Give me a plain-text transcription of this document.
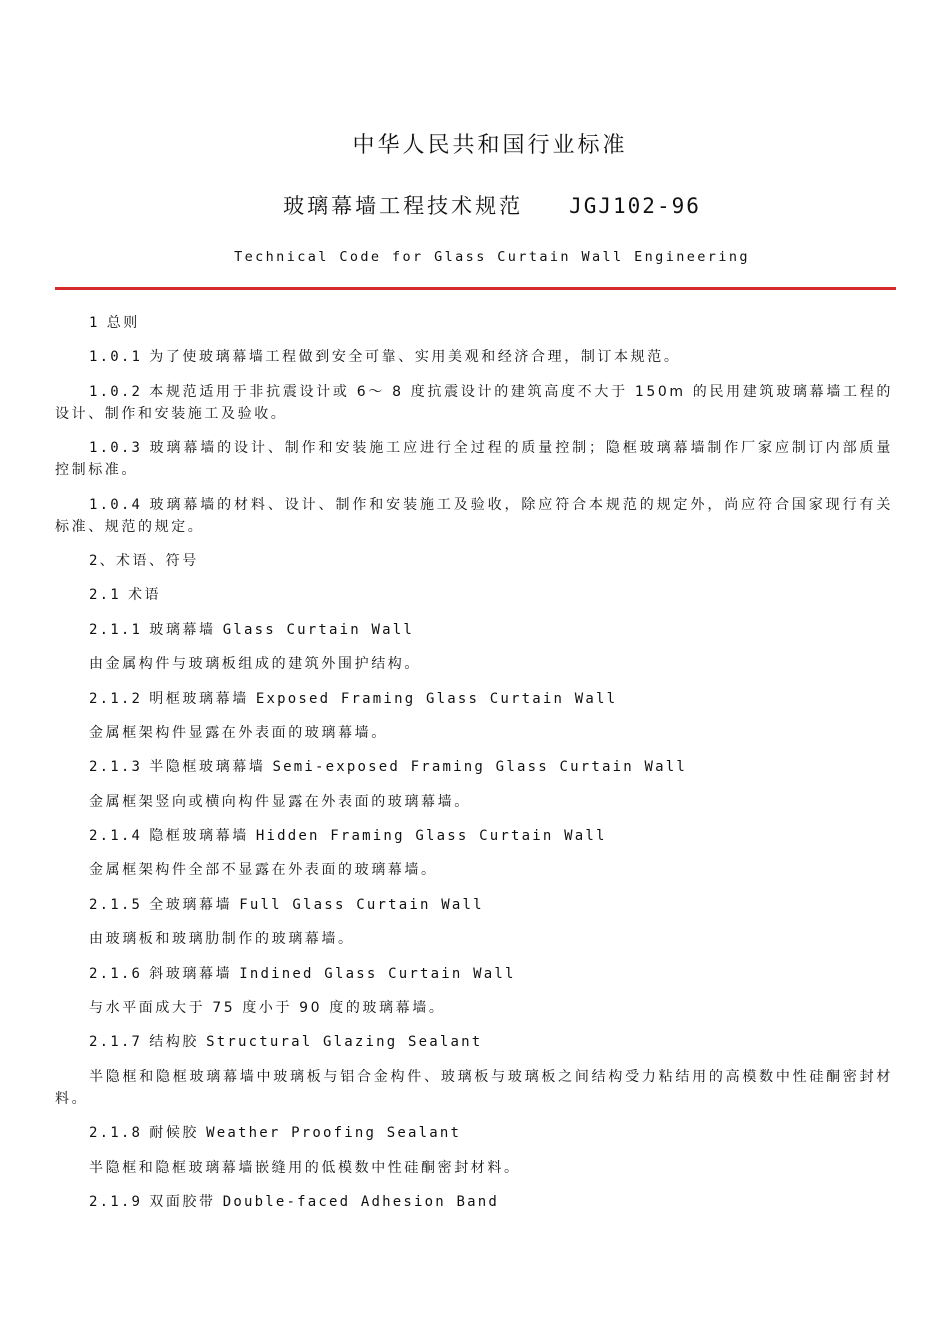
中华人民共和国行业标准
玻璃幕墙工程技术规范 JGJ102-96
Technical Code for Glass Curtain Wall Engineering
1 总则
1.0.1 为了使玻璃幕墙工程做到安全可靠、实用美观和经济合理，制订本规范。
1.0.2 本规范适用于非抗震设计或 6～ 8 度抗震设计的建筑高度不大于 150m 的民用建筑玻璃幕墙工程的设计、制作和安装施工及验收。
1.0.3 玻璃幕墙的设计、制作和安装施工应进行全过程的质量控制；隐框玻璃幕墙制作厂家应制订内部质量控制标准。
1.0.4 玻璃幕墙的材料、设计、制作和安装施工及验收，除应符合本规范的规定外，尚应符合国家现行有关标准、规范的规定。
2、术语、符号
2.1 术语
2.1.1 玻璃幕墙 Glass Curtain Wall
由金属构件与玻璃板组成的建筑外围护结构。
2.1.2 明框玻璃幕墙 Exposed Framing Glass Curtain Wall
金属框架构件显露在外表面的玻璃幕墙。
2.1.3 半隐框玻璃幕墙 Semi-exposed Framing Glass Curtain Wall
金属框架竖向或横向构件显露在外表面的玻璃幕墙。
2.1.4 隐框玻璃幕墙 Hidden Framing Glass Curtain Wall
金属框架构件全部不显露在外表面的玻璃幕墙。
2.1.5 全玻璃幕墙 Full Glass Curtain Wall
由玻璃板和玻璃肋制作的玻璃幕墙。
2.1.6 斜玻璃幕墙 Indined Glass Curtain Wall
与水平面成大于 75 度小于 90 度的玻璃幕墙。
2.1.7 结构胶 Structural Glazing Sealant
半隐框和隐框玻璃幕墙中玻璃板与铝合金构件、玻璃板与玻璃板之间结构受力粘结用的高模数中性硅酮密封材料。
2.1.8 耐候胶 Weather Proofing Sealant
半隐框和隐框玻璃幕墙嵌缝用的低模数中性硅酮密封材料。
2.1.9 双面胶带 Double-faced Adhesion Band
